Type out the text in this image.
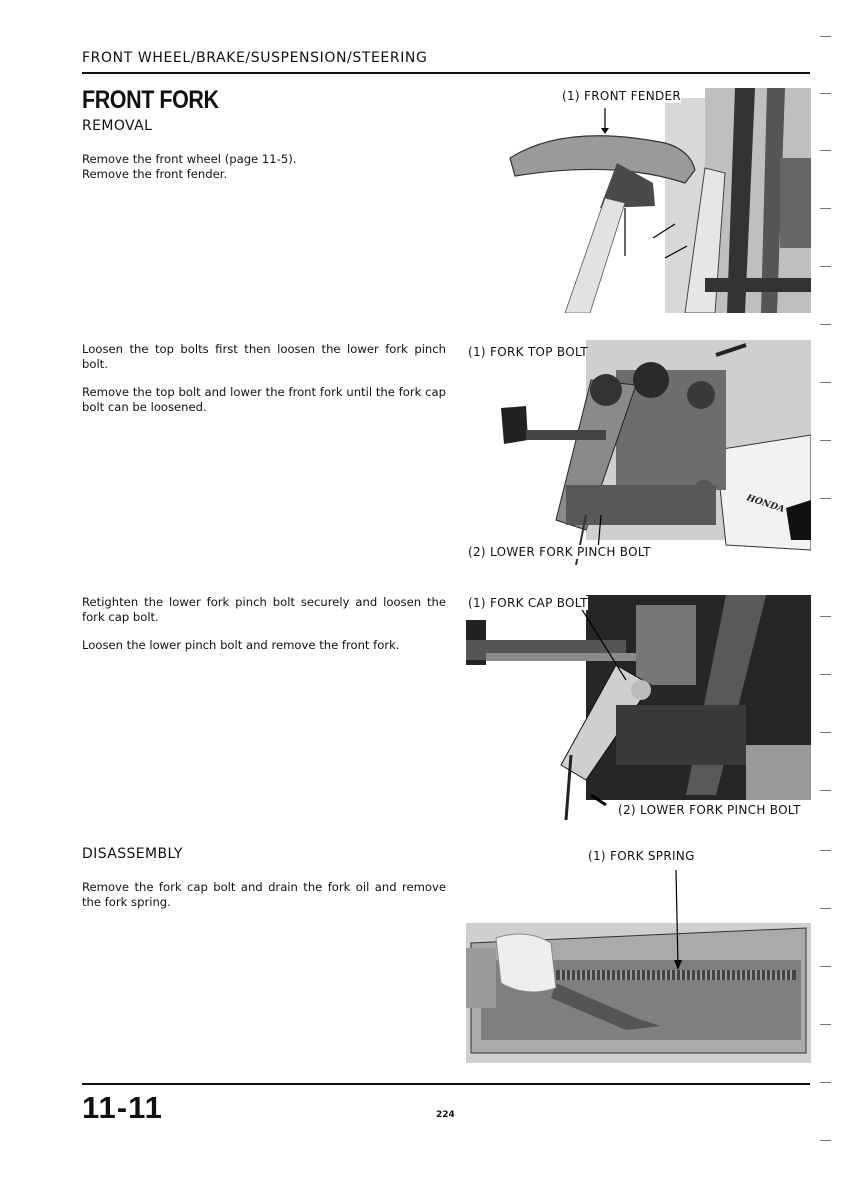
FRONT WHEEL/BRAKE/SUSPENSION/STEERING
FRONT FORK
REMOVAL
Remove the front wheel (page 11-5).
Remove the front fender.

Loosen the top bolts first then loosen the lower fork pinch bolt.

Remove the top bolt and lower the front fork until the fork cap bolt can be loosened.

Retighten the lower fork pinch bolt securely and loosen the fork cap bolt.

Loosen the lower pinch bolt and remove the front fork.

DISASSEMBLY

Remove the fork cap bolt and drain the fork oil and remove the fork spring.

(1) FRONT FENDER
HONDA
(1) FORK TOP BOLT
(2) LOWER FORK PINCH BOLT
(1) FORK CAP BOLT
(2) LOWER FORK PINCH BOLT
(1) FORK SPRING
11-11	224
